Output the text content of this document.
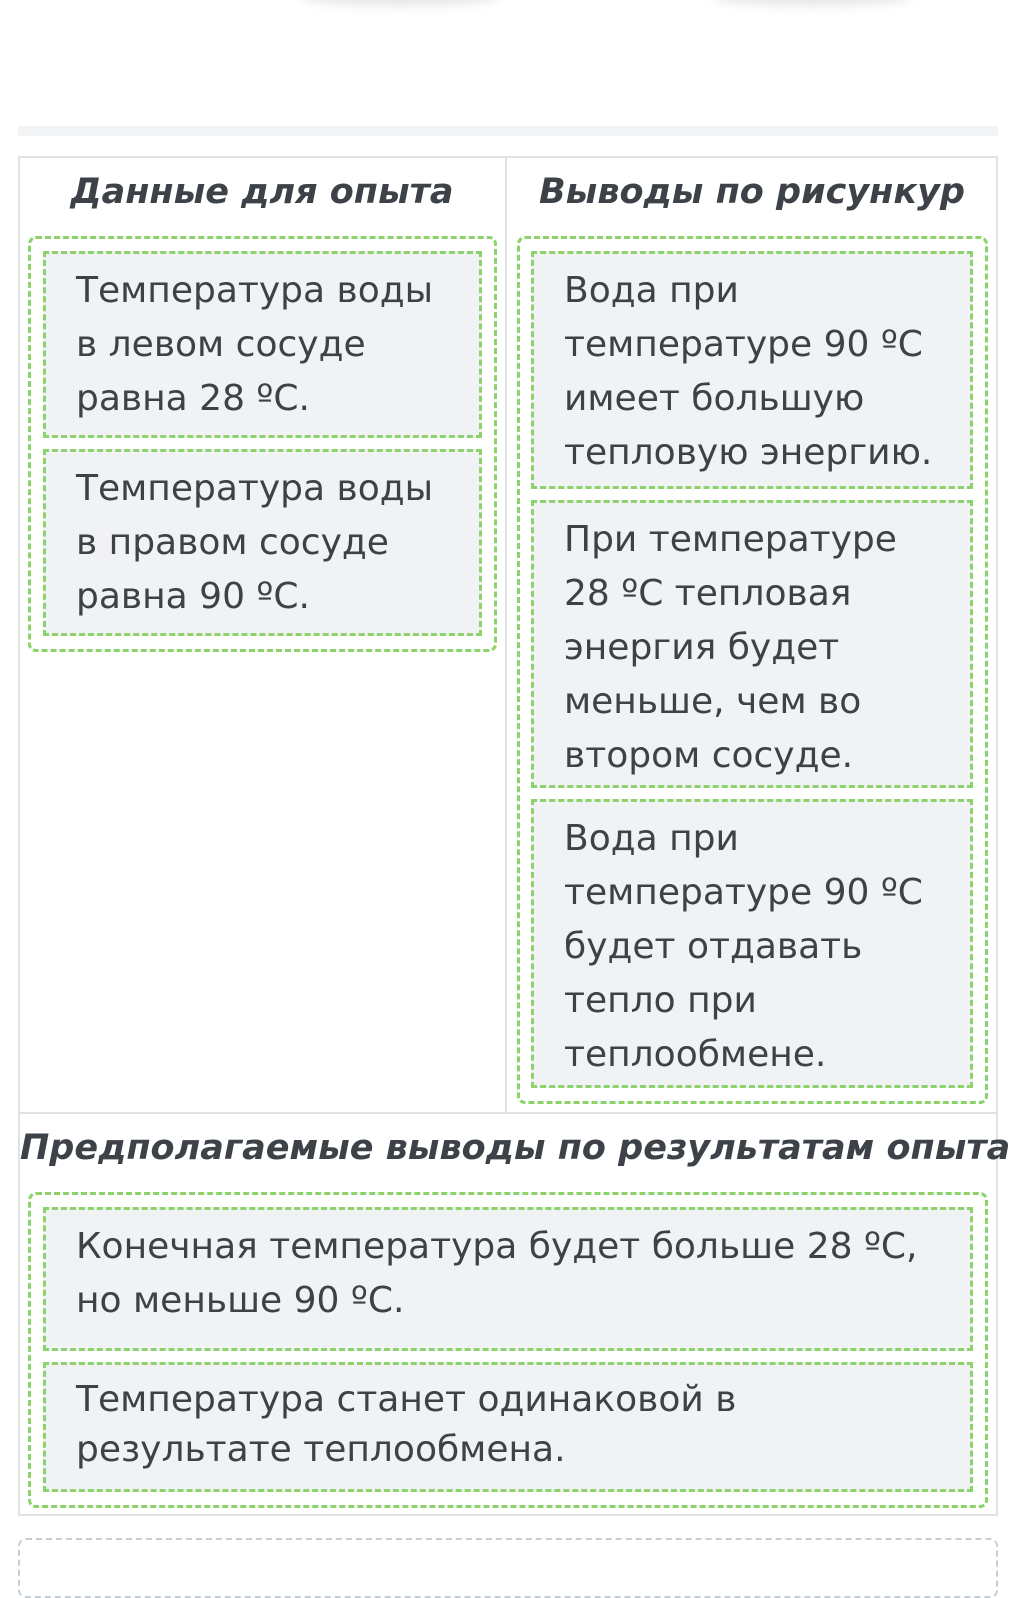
Данные для опыта	Выводы по рисункур
Температура воды в левом сосуде равна 28 ºC.
Температура воды в правом сосуде равна 90 ºC.
Вода при температуре 90 ºC имеет большую тепловую энергию.
При температуре 28 ºC тепловая энергия будет меньше, чем во втором сосуде.
Вода при температуре 90 ºC будет отдавать тепло при теплообмене.
Предполагаемые выводы по результатам опыта
Конечная температура будет больше 28 ºC, но меньше 90 ºC.
Температура станет одинаковой в результате теплообмена.
